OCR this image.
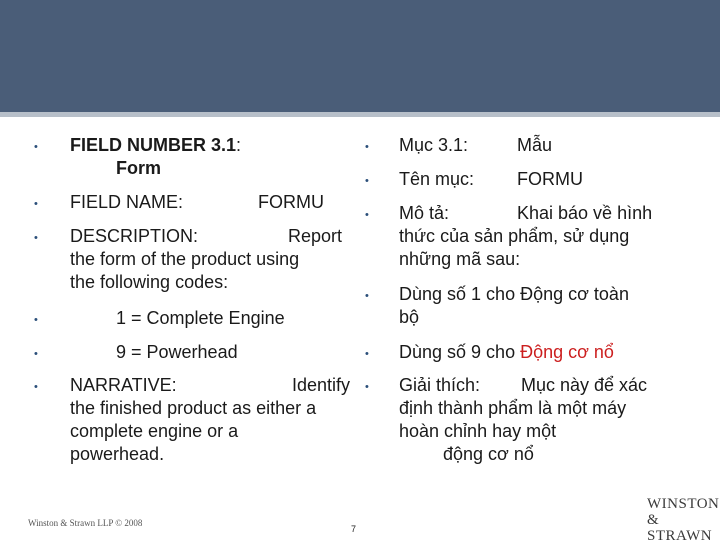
• FIELD NUMBER 3.1:
Form
• FIELD NAME:	FORMU
• DESCRIPTION:	Report
the form of the product using
the following codes:
•	1 = Complete Engine
•	9 = Powerhead
• NARRATIVE:	Identify
the finished product as either a
complete engine or a
powerhead.
• Mục 3.1:	Mẫu
• Tên mục: FORMU
• Mô tả:	Khai báo về hình
thức của sản phẩm, sử dụng
những mã sau:
• Dùng số 1 cho Động cơ toàn
bộ
• Dùng số 9 cho Động cơ nổ
• Giải thích: Mục này để xác
định thành phẩm là một máy
hoàn chỉnh hay một
động cơ nổ
Winston & Strawn LLP © 2008
7
WINSTON
& STRAWN
